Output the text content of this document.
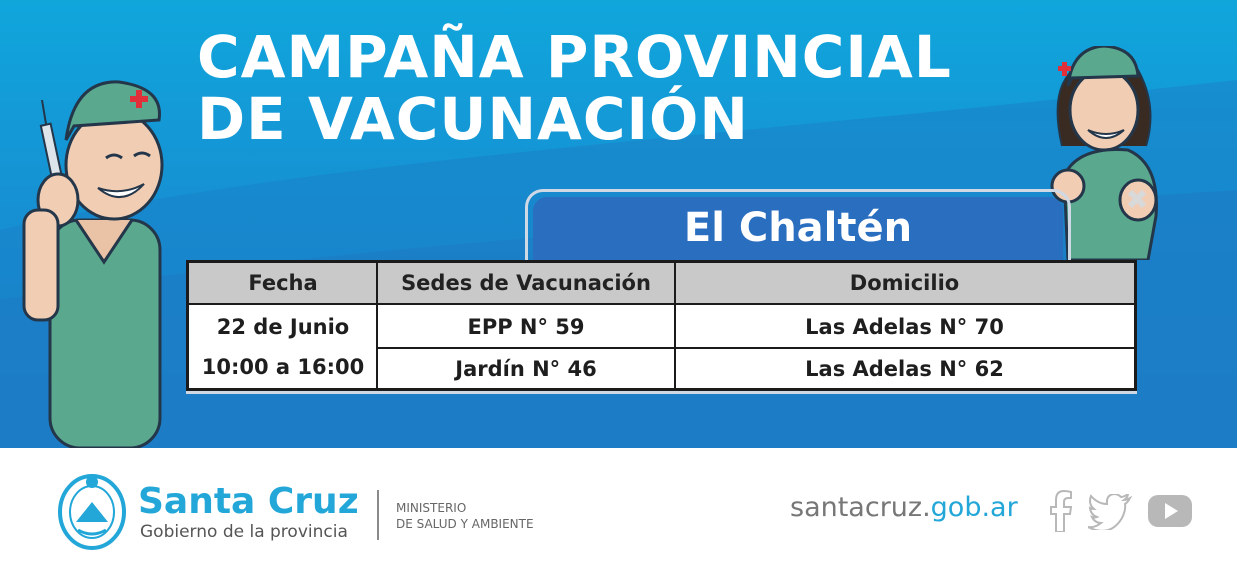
CAMPAÑA PROVINCIAL
DE VACUNACIÓN
El Chaltén
Fecha	Sedes de Vacunación	Domicilio
22 de Junio
10:00 a 16:00
EPP N° 59	Las Adelas N° 70
Jardín N° 46	Las Adelas N° 62
Santa Cruz
Gobierno de la provincia
MINISTERIO
DE SALUD Y AMBIENTE
santacruz.gob.ar
